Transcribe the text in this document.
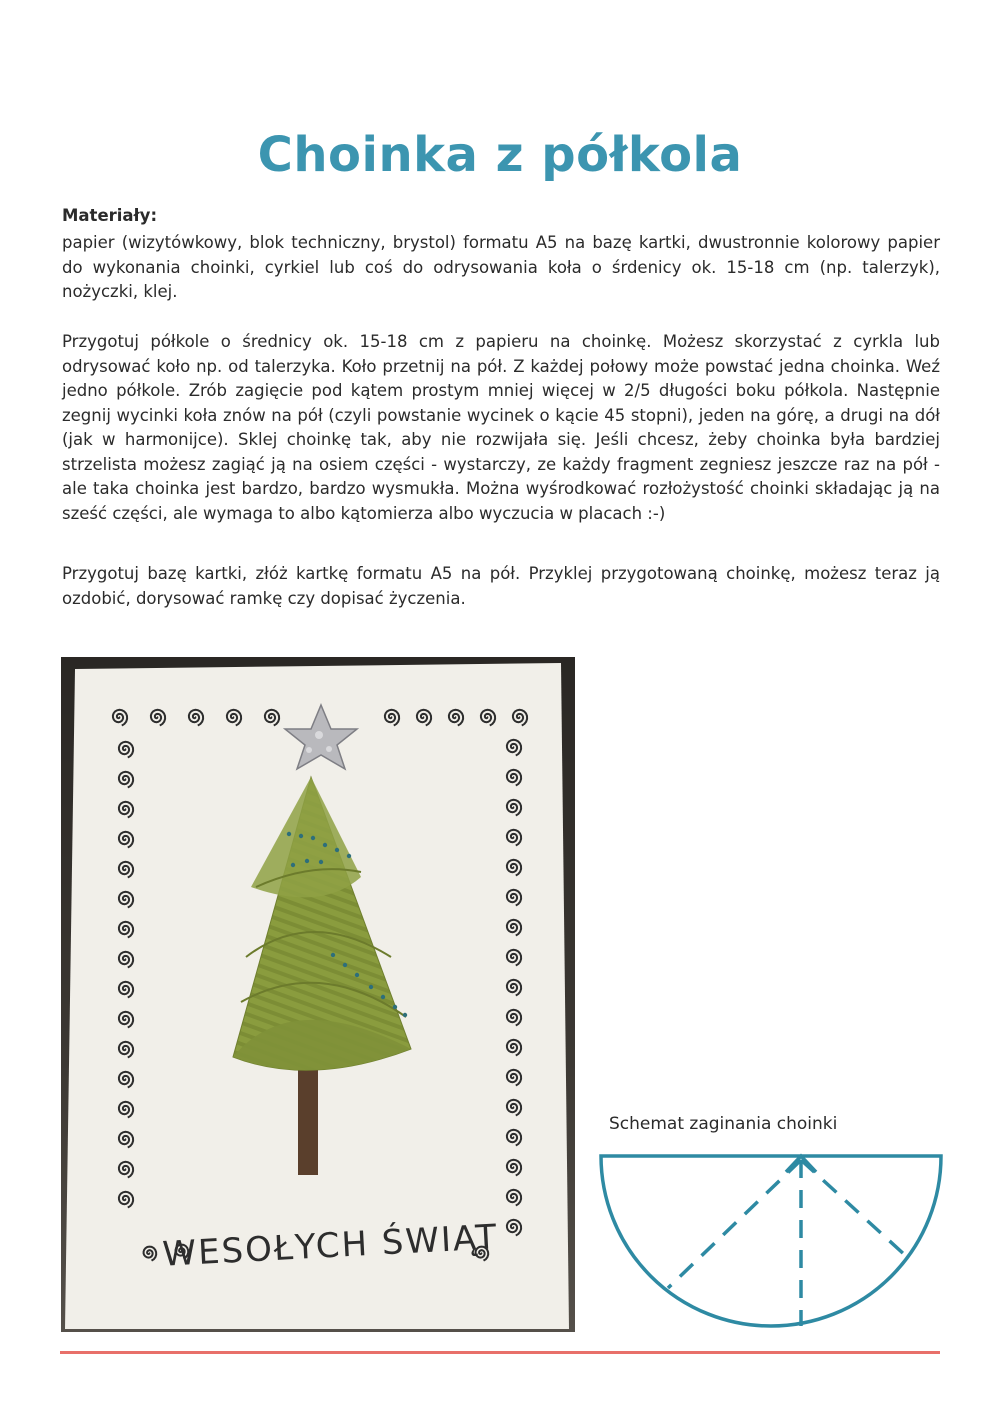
Choinka z półkola

Materiały:

papier (wizytówkowy, blok techniczny, brystol) formatu A5 na bazę kartki, dwustronnie kolorowy papier do wykonania choinki, cyrkiel lub coś do odrysowania koła o śrdenicy ok. 15-18 cm (np. talerzyk), nożyczki, klej.

Przygotuj półkole o średnicy ok. 15-18 cm z papieru na choinkę. Możesz skorzystać z cyrkla lub odrysować koło np. od talerzyka. Koło przetnij na pół. Z każdej połowy może powstać jedna choinka. Weź jedno półkole. Zrób zagięcie pod kątem prostym mniej więcej w 2/5 długości boku półkola. Następnie zegnij wycinki koła znów na pół (czyli powstanie wycinek o kącie 45 stopni), jeden na górę, a drugi na dół (jak w harmonijce). Sklej choinkę tak, aby nie rozwijała się. Jeśli chcesz, żeby choinka była bardziej strzelista możesz zagiąć ją na osiem części - wystarczy, ze każdy fragment zegniesz jeszcze raz na pół - ale taka choinka jest bardzo, bardzo wysmukła. Można wyśrodkować rozłożystość choinki składając ją na sześć części, ale wymaga to albo kątomierza albo wyczucia w placach :-)

Przygotuj bazę kartki, złóż kartkę formatu A5 na pół. Przyklej przygotowaną choinkę, możesz teraz ją ozdobić, dorysować ramkę czy dopisać życzenia.

WESOŁYCH ŚWIĄT

Schemat zaginania choinki
